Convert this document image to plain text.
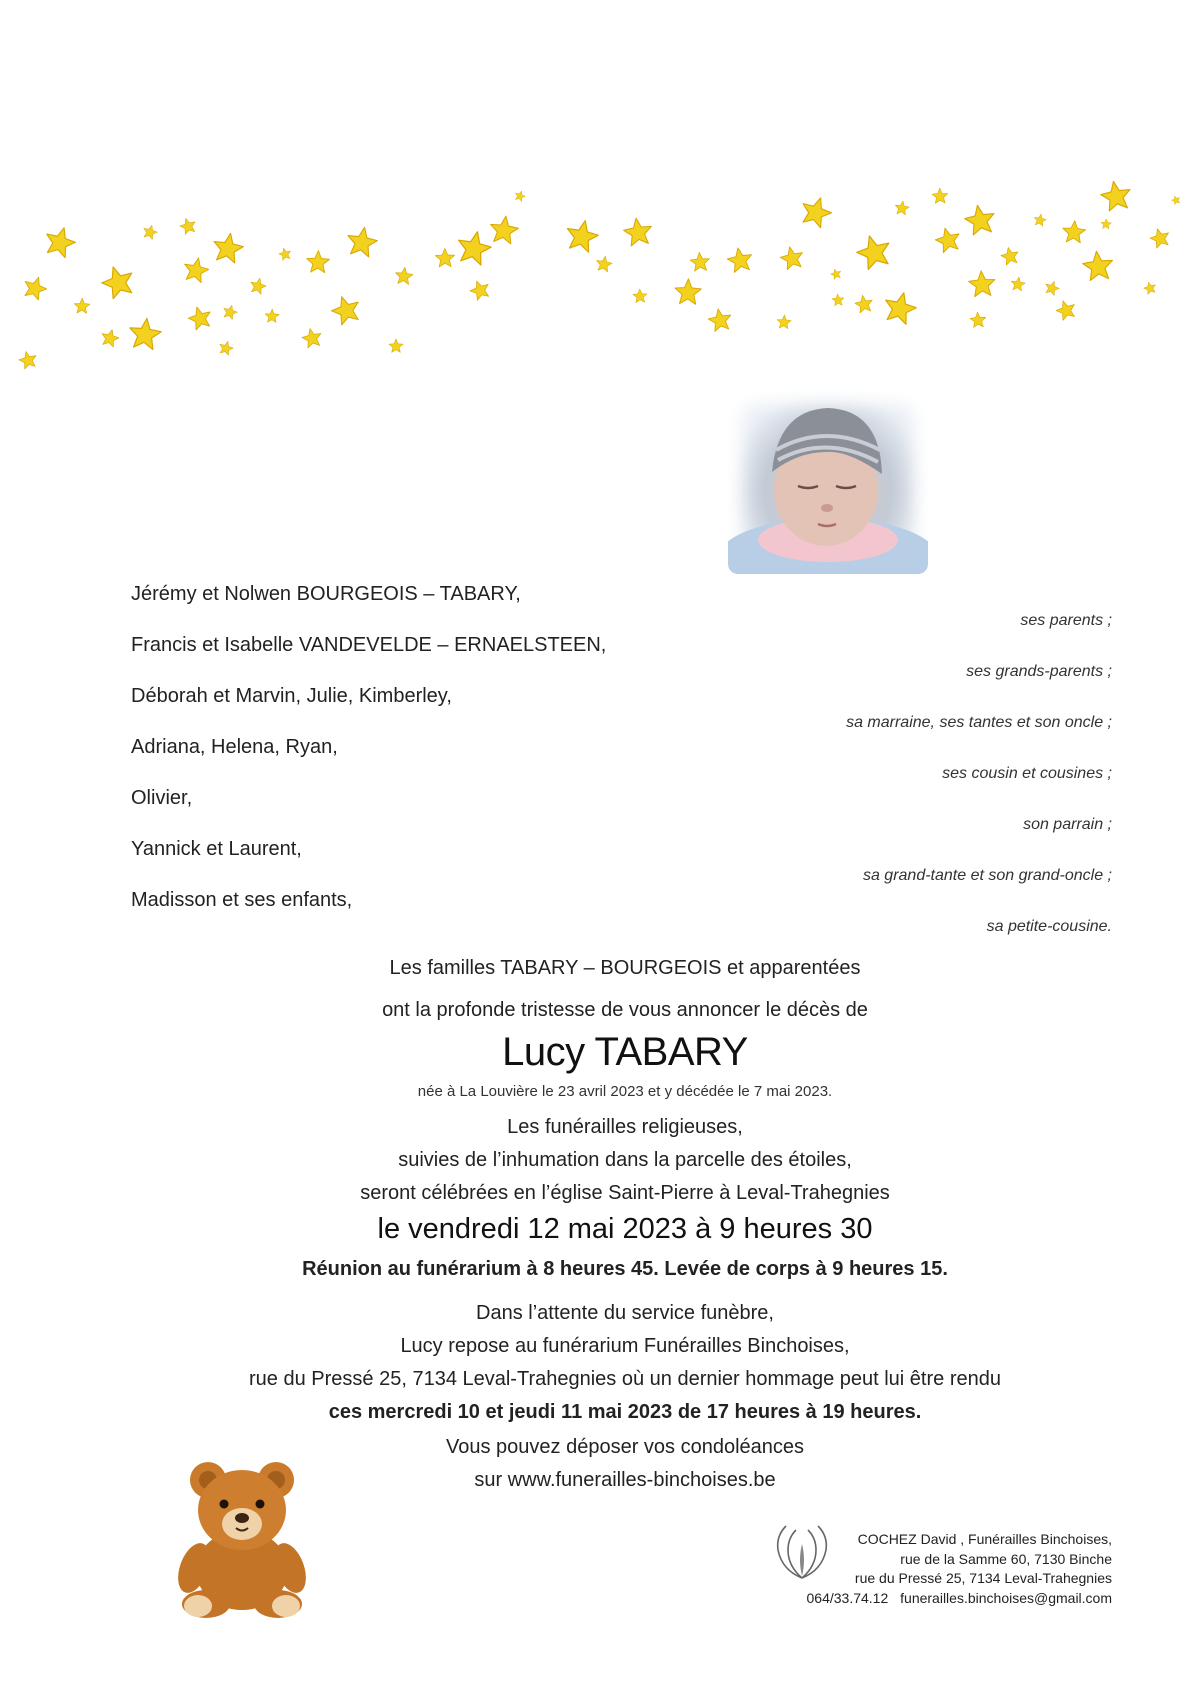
Jérémy et Nolwen BOURGEOIS – TABARY,
ses parents ;
Francis et Isabelle VANDEVELDE – ERNAELSTEEN,
ses grands-parents ;
Déborah et Marvin, Julie, Kimberley,
sa marraine, ses tantes et son oncle ;
Adriana, Helena, Ryan,
ses cousin et cousines ;
Olivier,
son parrain ;
Yannick et Laurent,
sa grand-tante et son grand-oncle ;
Madisson et ses enfants,
sa petite-cousine.
Les familles TABARY – BOURGEOIS et apparentées
ont la profonde tristesse de vous annoncer le décès de
Lucy TABARY
née à La Louvière le 23 avril 2023 et y décédée le 7 mai 2023.
Les funérailles religieuses,
suivies de l’inhumation dans la parcelle des étoiles,
seront célébrées en l’église Saint-Pierre à Leval-Trahegnies
le vendredi 12 mai 2023 à 9 heures 30
Réunion au funérarium à 8 heures 45. Levée de corps à 9 heures 15.
Dans l’attente du service funèbre,
Lucy repose au funérarium Funérailles Binchoises,
rue du Pressé 25, 7134 Leval-Trahegnies où un dernier hommage peut lui être rendu
ces mercredi 10 et jeudi 11 mai 2023 de 17 heures à 19 heures.
Vous pouvez déposer vos condoléances
sur www.funerailles-binchoises.be
COCHEZ David , Funérailles Binchoises,
rue de la Samme 60, 7130 Binche
rue du Pressé 25, 7134 Leval-Trahegnies
064/33.74.12 funerailles.binchoises@gmail.com
